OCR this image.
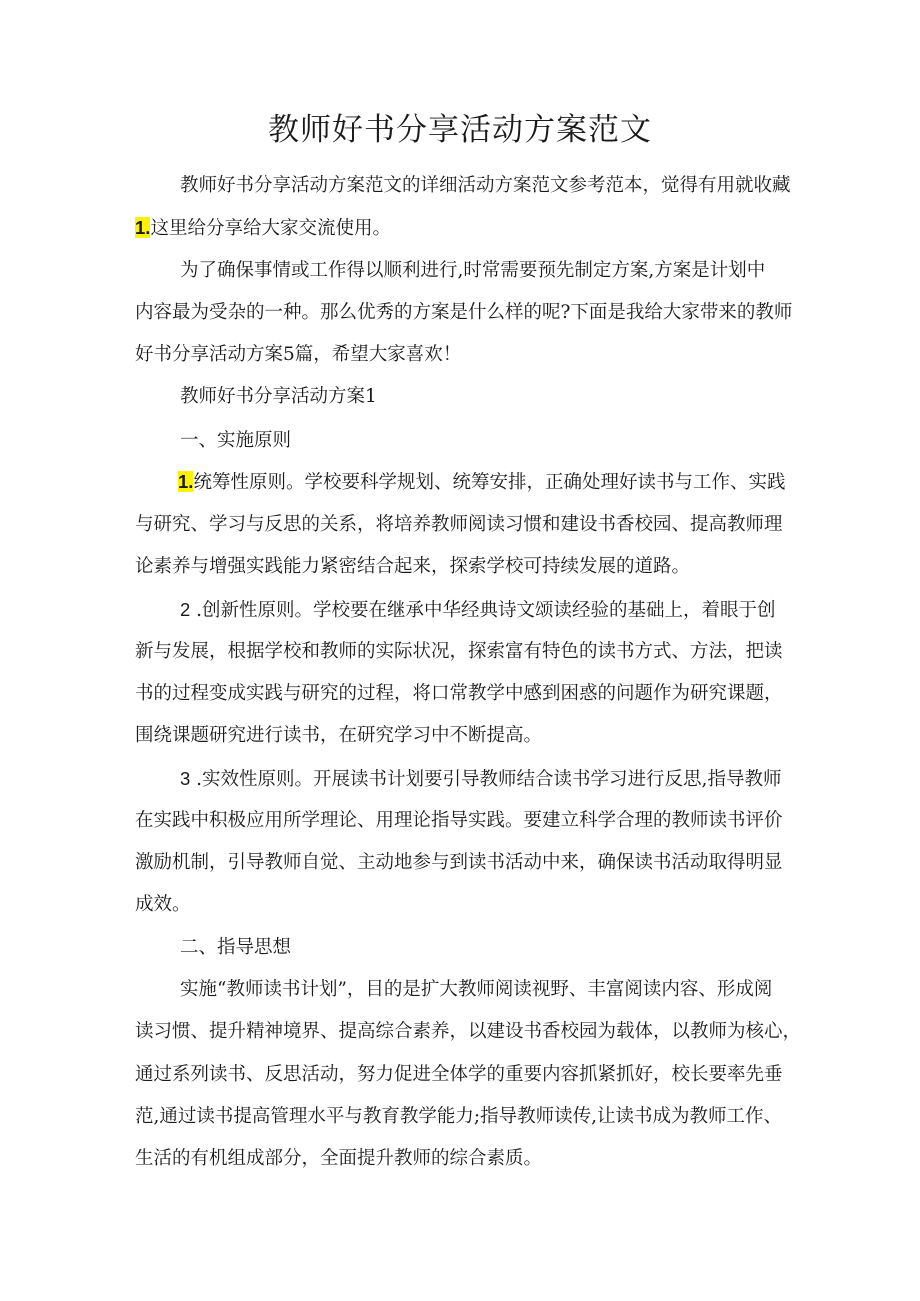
教师好书分享活动方案范文

教师好书分享活动方案范文的详细活动方案范文参考范本，觉得有用就收藏

1.这里给分享给大家交流使用。

为了确保事情或工作得以顺利进行,时常需要预先制定方案,方案是计划中

内容最为受杂的一种。那么优秀的方案是什么样的呢?下面是我给大家带来的教师

好书分享活动方案5篇，希望大家喜欢！

教师好书分享活动方案1

一、实施原则

1.统筹性原则。学校要科学规划、统筹安排，正确处理好读书与工作、实践

与研究、学习与反思的关系，将培养教师阅读习惯和建设书香校园、提高教师理

论素养与增强实践能力紧密结合起来，探索学校可持续发展的道路。

2 .创新性原则。学校要在继承中华经典诗文颂读经验的基础上，着眼于创

新与发展，根据学校和教师的实际状况，探索富有特色的读书方式、方法，把读

书的过程变成实践与研究的过程，将口常教学中感到困惑的问题作为研究课题，

围绕课题研究进行读书，在研究学习中不断提高。

3 .实效性原则。开展读书计划要引导教师结合读书学习进行反思,指导教师

在实践中积极应用所学理论、用理论指导实践。要建立科学合理的教师读书评价

激励机制，引导教师自觉、主动地参与到读书活动中来，确保读书活动取得明显

成效。

二、指导思想

实施“教师读书计划”，目的是扩大教师阅读视野、丰富阅读内容、形成阅

读习惯、提升精神境界、提高综合素养，以建设书香校园为载体，以教师为核心，

通过系列读书、反思活动，努力促进全体学的重要内容抓紧抓好，校长要率先垂

范,通过读书提高管理水平与教育教学能力;指导教师读传,让读书成为教师工作、

生活的有机组成部分，全面提升教师的综合素质。
